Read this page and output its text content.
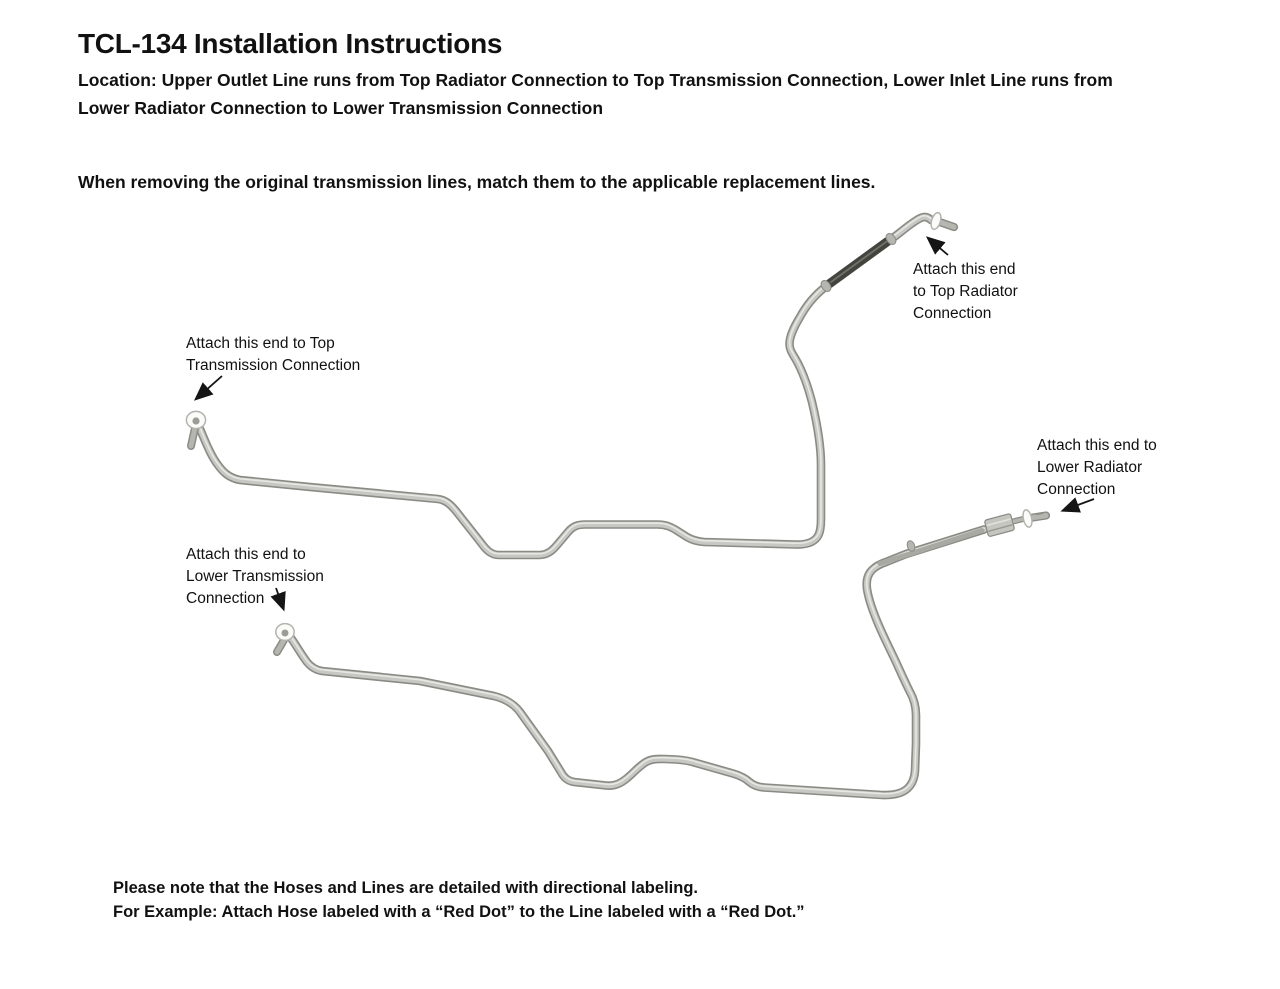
TCL-134 Installation Instructions
Location: Upper Outlet Line runs from Top Radiator Connection to Top Transmission Connection, Lower Inlet Line runs from
Lower Radiator Connection to Lower Transmission Connection
When removing the original transmission lines, match them to the applicable replacement lines.
Attach this end
to Top Radiator
Connection
Attach this end to Top
Transmission Connection
Attach this end to
Lower Radiator
Connection
Attach this end to
Lower Transmission
Connection
Please note that the Hoses and Lines are detailed with directional labeling.
For Example: Attach Hose labeled with a “Red Dot” to the Line labeled with a “Red Dot.”
